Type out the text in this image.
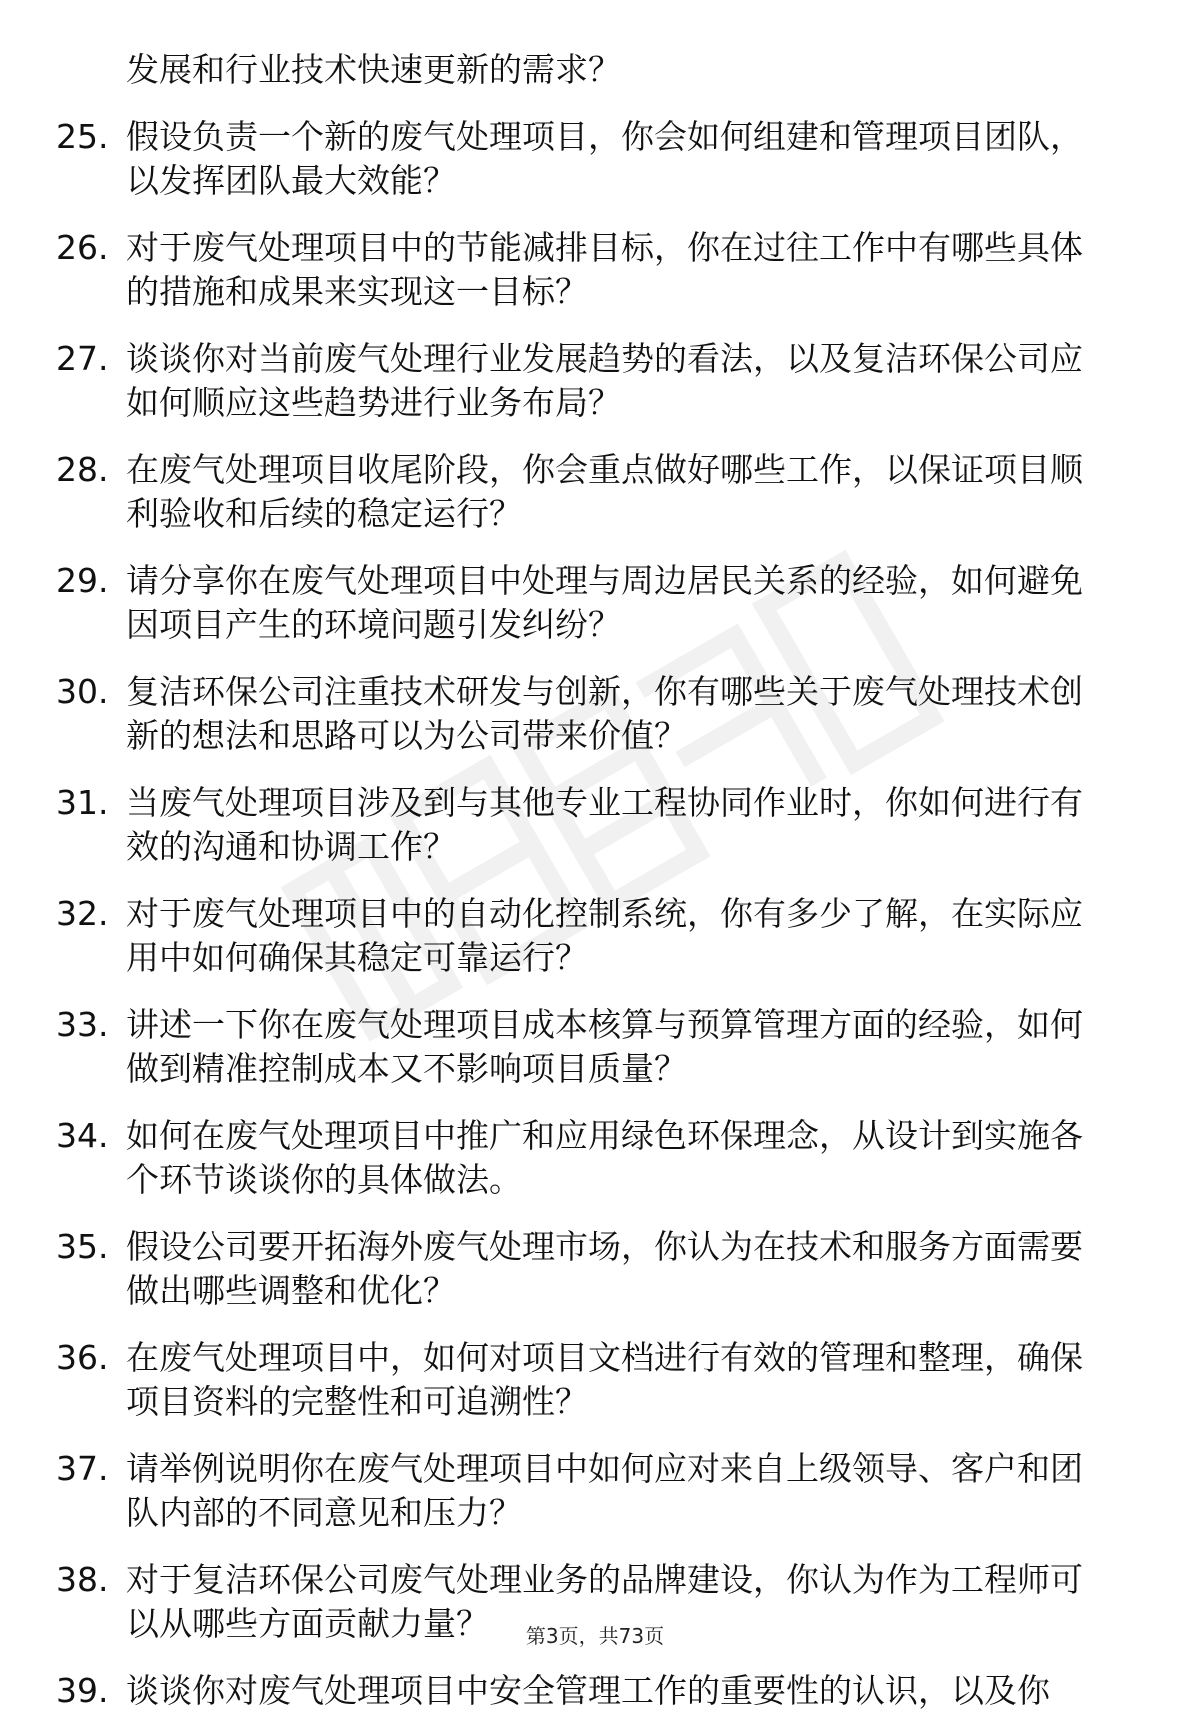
发展和行业技术快速更新的需求？
25. 假设负责一个新的废气处理项目，你会如何组建和管理项目团队，以发挥团队最大效能？
26. 对于废气处理项目中的节能减排目标，你在过往工作中有哪些具体的措施和成果来实现这一目标？
27. 谈谈你对当前废气处理行业发展趋势的看法，以及复洁环保公司应如何顺应这些趋势进行业务布局？
28. 在废气处理项目收尾阶段，你会重点做好哪些工作，以保证项目顺利验收和后续的稳定运行？
29. 请分享你在废气处理项目中处理与周边居民关系的经验，如何避免因项目产生的环境问题引发纠纷？
30. 复洁环保公司注重技术研发与创新，你有哪些关于废气处理技术创新的想法和思路可以为公司带来价值？
31. 当废气处理项目涉及到与其他专业工程协同作业时，你如何进行有效的沟通和协调工作？
32. 对于废气处理项目中的自动化控制系统，你有多少了解，在实际应用中如何确保其稳定可靠运行？
33. 讲述一下你在废气处理项目成本核算与预算管理方面的经验，如何做到精准控制成本又不影响项目质量？
34. 如何在废气处理项目中推广和应用绿色环保理念，从设计到实施各个环节谈谈你的具体做法。
35. 假设公司要开拓海外废气处理市场，你认为在技术和服务方面需要做出哪些调整和优化？
36. 在废气处理项目中，如何对项目文档进行有效的管理和整理，确保项目资料的完整性和可追溯性？
37. 请举例说明你在废气处理项目中如何应对来自上级领导、客户和团队内部的不同意见和压力？
38. 对于复洁环保公司废气处理业务的品牌建设，你认为作为工程师可以从哪些方面贡献力量？
39. 谈谈你对废气处理项目中安全管理工作的重要性的认识，以及你
第3页，共73页
